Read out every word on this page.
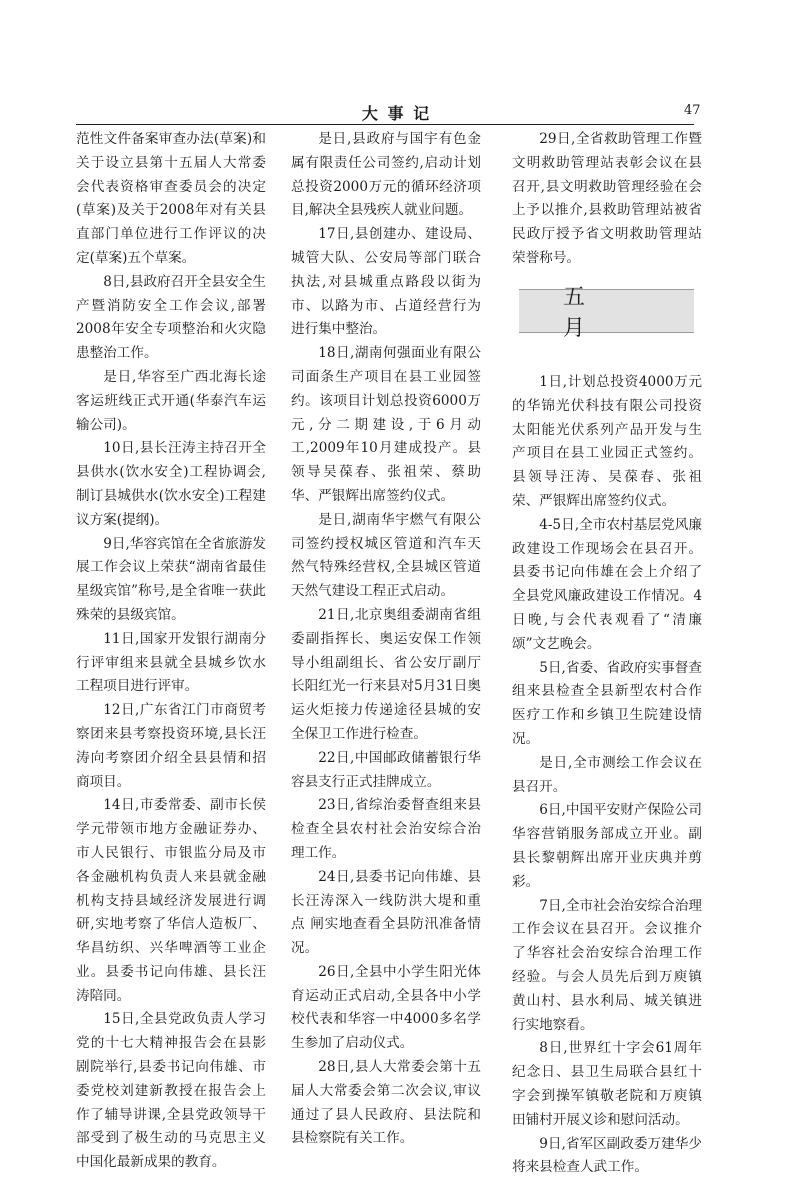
大 事 记	47

范性文件备案审查办法(草案)和关于设立县第十五届人大常委会代表资格审查委员会的决定(草案)及关于2008年对有关县直部门单位进行工作评议的决定(草案)五个草案。

8日,县政府召开全县安全生产暨消防安全工作会议,部署2008年安全专项整治和火灾隐患整治工作。

是日,华容至广西北海长途客运班线正式开通(华泰汽车运输公司)。

10日,县长汪涛主持召开全县供水(饮水安全)工程协调会,制订县城供水(饮水安全)工程建议方案(提纲)。

9日,华容宾馆在全省旅游发展工作会议上荣获“湖南省最佳星级宾馆”称号,是全省唯一获此殊荣的县级宾馆。

11日,国家开发银行湖南分行评审组来县就全县城乡饮水工程项目进行评审。

12日,广东省江门市商贸考察团来县考察投资环境,县长汪涛向考察团介绍全县县情和招商项目。

14日,市委常委、副市长侯学元带领市地方金融证券办、市人民银行、市银监分局及市各金融机构负责人来县就金融机构支持县域经济发展进行调研,实地考察了华信人造板厂、华昌纺织、兴华啤酒等工业企业。县委书记向伟雄、县长汪涛陪同。

15日,全县党政负责人学习党的十七大精神报告会在县影剧院举行,县委书记向伟雄、市委党校刘建新教授在报告会上作了辅导讲课,全县党政领导干部受到了极生动的马克思主义中国化最新成果的教育。

是日,县政府与国宇有色金属有限责任公司签约,启动计划总投资2000万元的循环经济项目,解决全县残疾人就业问题。

17日,县创建办、建设局、城管大队、公安局等部门联合执法,对县城重点路段以街为市、以路为市、占道经营行为进行集中整治。

18日,湖南何强面业有限公司面条生产项目在县工业园签约。该项目计划总投资6000万元,分二期建设,于6月动工,2009年10月建成投产。县领导吴葆春、张祖荣、蔡助华、严银辉出席签约仪式。

是日,湖南华宇燃气有限公司签约授权城区管道和汽车天然气特殊经营权,全县城区管道天然气建设工程正式启动。

21日,北京奥组委湖南省组委副指挥长、奥运安保工作领导小组副组长、省公安厅副厅长阳红光一行来县对5月31日奥运火炬接力传递途径县城的安全保卫工作进行检查。

22日,中国邮政储蓄银行华容县支行正式挂牌成立。

23日,省综治委督查组来县检查全县农村社会治安综合治理工作。

24日,县委书记向伟雄、县长汪涛深入一线防洪大堤和重点 闸实地查看全县防汛准备情况。

26日,全县中小学生阳光体育运动正式启动,全县各中小学校代表和华容一中4000多名学生参加了启动仪式。

28日,县人大常委会第十五届人大常委会第二次会议,审议通过了县人民政府、县法院和县检察院有关工作。

29日,全省救助管理工作暨文明救助管理站表彰会议在县召开,县文明救助管理经验在会上予以推介,县救助管理站被省民政厅授予省文明救助管理站荣誉称号。

五月

1日,计划总投资4000万元的华锦光伏科技有限公司投资太阳能光伏系列产品开发与生产项目在县工业园正式签约。县领导汪涛、吴葆春、张祖荣、严银辉出席签约仪式。

4-5日,全市农村基层党风廉政建设工作现场会在县召开。县委书记向伟雄在会上介绍了全县党风廉政建设工作情况。4日晚,与会代表观看了“清廉颂”文艺晚会。

5日,省委、省政府实事督查组来县检查全县新型农村合作医疗工作和乡镇卫生院建设情况。

是日,全市测绘工作会议在县召开。

6日,中国平安财产保险公司华容营销服务部成立开业。副县长黎朝辉出席开业庆典并剪彩。

7日,全市社会治安综合治理工作会议在县召开。会议推介了华容社会治安综合治理工作经验。与会人员先后到万庾镇黄山村、县水利局、城关镇进行实地察看。

8日,世界红十字会61周年纪念日、县卫生局联合县红十字会到操军镇敬老院和万庾镇田铺村开展义诊和慰问活动。

9日,省军区副政委万建华少将来县检查人武工作。
